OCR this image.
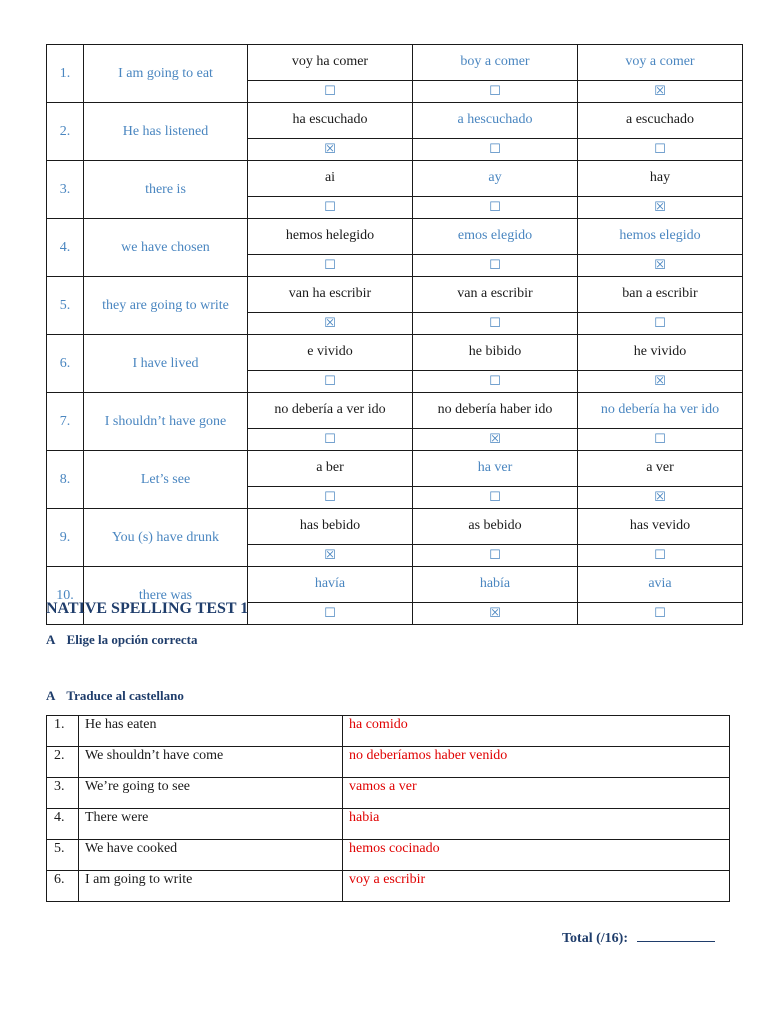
1.	I am going to eat	voy ha comer	boy a comer	voy a comer
		☐	☐	☒
2.	He has listened	ha escuchado	a hescuchado	a escuchado
		☒	☐	☐
3.	there is	ai	ay	hay
		☐	☐	☒
4.	we have chosen	hemos helegido	emos elegido	hemos elegido
		☐	☐	☒
5.	they are going to write	van ha escribir	van a escribir	ban a escribir
		☒	☐	☐
6.	I have lived	e vivido	he bibido	he vivido
		☐	☐	☒
7.	I shouldn’t have gone	no debería a ver ido	no debería haber ido	no debería ha ver ido
		☐	☒	☐
8.	Let’s see	a ber	ha ver	a ver
		☐	☐	☒
9.	You (s) have drunk	has bebido	as bebido	has vevido
		☒	☐	☐
10.	there was	havía	había	avia
		☐	☒	☐
NATIVE SPELLING TEST 1
A Elige la opción correcta
A Traduce al castellano
1.	He has eaten	ha comido
2.	We shouldn’t have come	no deberíamos haber venido
3.	We’re going to see	vamos a ver
4.	There were	habia
5.	We have cooked	hemos cocinado
6.	I am going to write	voy a escribir
Total (/16):
